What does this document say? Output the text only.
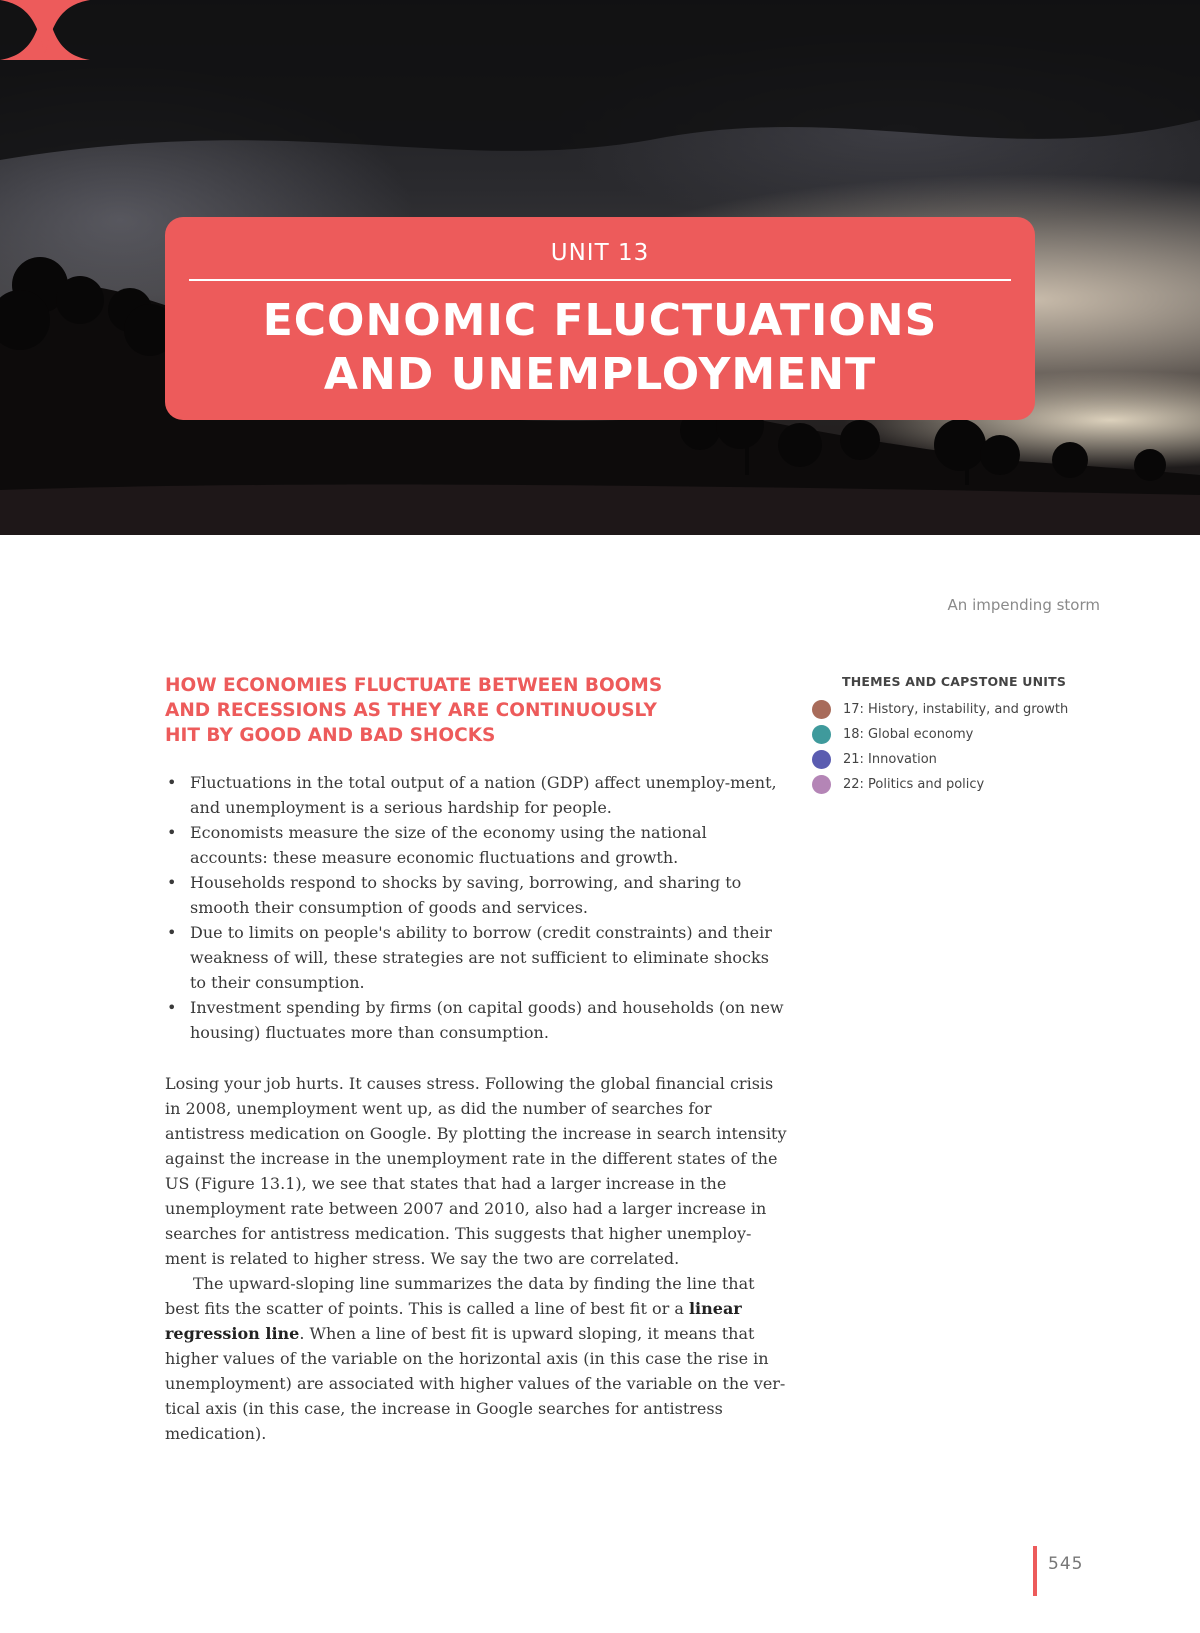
UNIT 13
ECONOMIC FLUCTUATIONS
AND UNEMPLOYMENT
An impending storm
HOW ECONOMIES FLUCTUATE BETWEEN BOOMS
AND RECESSIONS AS THEY ARE CONTINUOUSLY
HIT BY GOOD AND BAD SHOCKS
• Fluctuations in the total output of a nation (GDP) affect unemploy-ment, and unemployment is a serious hardship for people.
• Economists measure the size of the economy using the national accounts: these measure economic fluctuations and growth.
• Households respond to shocks by saving, borrowing, and sharing to smooth their consumption of goods and services.
• Due to limits on people's ability to borrow (credit constraints) and their weakness of will, these strategies are not sufficient to eliminate shocks to their consumption.
• Investment spending by firms (on capital goods) and households (on new housing) fluctuates more than consumption.

Losing your job hurts. It causes stress. Following the global financial crisis in 2008, unemployment went up, as did the number of searches for antistress medication on Google. By plotting the increase in search intensity against the increase in the unemployment rate in the different states of the US (Figure 13.1), we see that states that had a larger increase in the unemployment rate between 2007 and 2010, also had a larger increase in searches for antistress medication. This suggests that higher unemploy-ment is related to higher stress. We say the two are correlated.

The upward-sloping line summarizes the data by finding the line that best fits the scatter of points. This is called a line of best fit or a linear regression line. When a line of best fit is upward sloping, it means that higher values of the variable on the horizontal axis (in this case the rise in unemployment) are associated with higher values of the variable on the ver-tical axis (in this case, the increase in Google searches for antistress medication).

THEMES AND CAPSTONE UNITS
17: History, instability, and growth
18: Global economy
21: Innovation
22: Politics and policy
545
